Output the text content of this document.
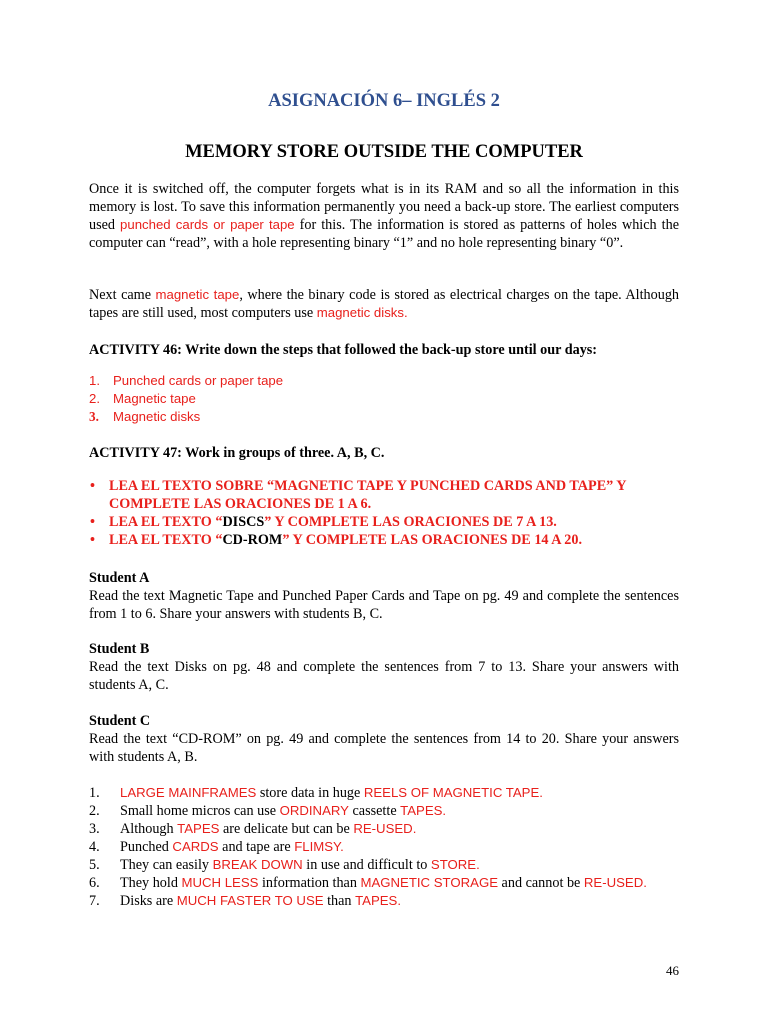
ASIGNACIÓN 6– INGLÉS 2
MEMORY STORE OUTSIDE THE COMPUTER
Once it is switched off, the computer forgets what is in its RAM and so all the information in this memory is lost. To save this information permanently you need a back-up store. The earliest computers used punched cards or paper tape for this. The information is stored as patterns of holes which the computer can “read”, with a hole representing binary “1” and no hole representing binary “0”.
Next came magnetic tape, where the binary code is stored as electrical charges on the tape. Although tapes are still used, most computers use magnetic disks.
ACTIVITY 46: Write down the steps that followed the back-up store until our days:
1. Punched cards or paper tape
2. Magnetic tape
3. Magnetic disks
ACTIVITY 47: Work in groups of three. A, B, C.
• LEA EL TEXTO SOBRE “MAGNETIC TAPE Y PUNCHED CARDS AND TAPE” Y COMPLETE LAS ORACIONES DE 1 A 6.
• LEA EL TEXTO “DISCS” Y COMPLETE LAS ORACIONES DE 7 A 13.
• LEA EL TEXTO “CD-ROM” Y COMPLETE LAS ORACIONES DE 14 A 20.
Student A
Read the text Magnetic Tape and Punched Paper Cards and Tape on pg. 49 and complete the sentences from 1 to 6. Share your answers with students B, C.
Student B
Read the text Disks on pg. 48 and complete the sentences from 7 to 13. Share your answers with students A, C.
Student C
Read the text “CD-ROM” on pg. 49 and complete the sentences from 14 to 20. Share your answers with students A, B.
1. LARGE MAINFRAMES store data in huge REELS OF MAGNETIC TAPE.
2. Small home micros can use ORDINARY cassette TAPES.
3. Although TAPES are delicate but can be RE-USED.
4. Punched CARDS and tape are FLIMSY.
5. They can easily BREAK DOWN in use and difficult to STORE.
6. They hold MUCH LESS information than MAGNETIC STORAGE and cannot be RE-USED.
7. Disks are MUCH FASTER TO USE than TAPES.
46
